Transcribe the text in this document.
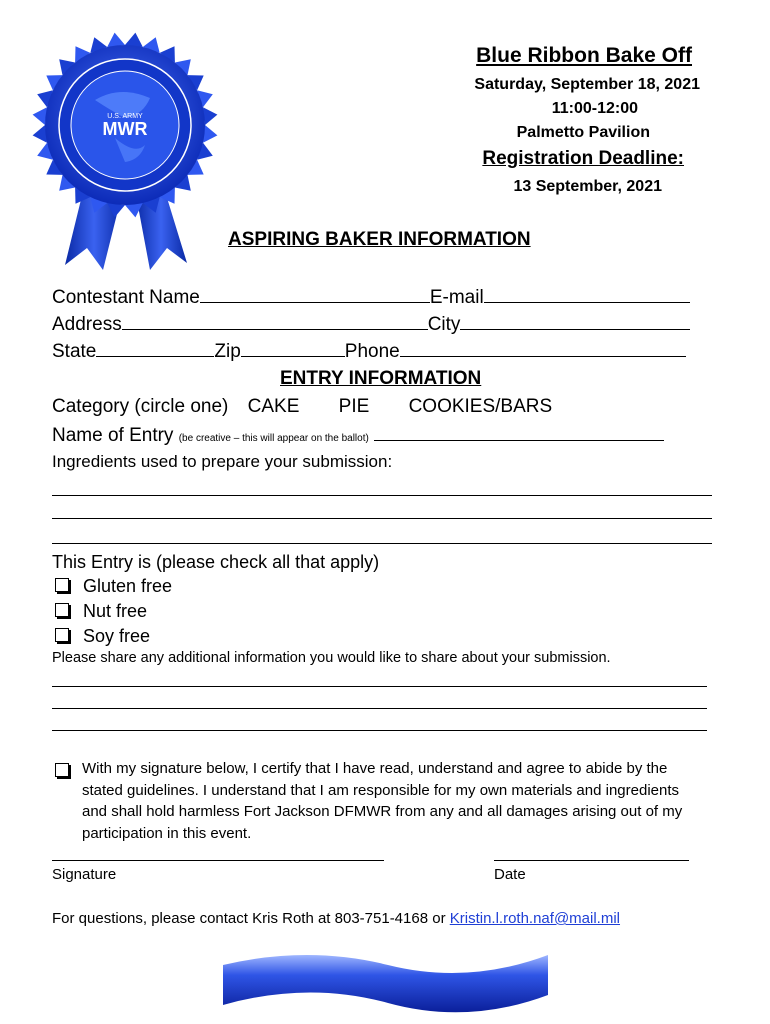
U.S. ARMY
MWR
Blue Ribbon Bake Off
Saturday, September 18, 2021
11:00-12:00
Palmetto Pavilion
Registration Deadline:
13 September, 2021
ASPIRING BAKER INFORMATION
Contestant Name	E-mail
Address	City
State	Zip	Phone
ENTRY INFORMATION
Category (circle one) CAKE PIE COOKIES/BARS
Name of Entry (be creative – this will appear on the ballot)
Ingredients used to prepare your submission:
This Entry is (please check all that apply)
Gluten free
Nut free
Soy free
Please share any additional information you would like to share about your submission.
With my signature below, I certify that I have read, understand and agree to abide by the stated guidelines. I understand that I am responsible for my own materials and ingredients and shall hold harmless Fort Jackson DFMWR from any and all damages arising out of my participation in this event.
Signature	Date
For questions, please contact Kris Roth at 803-751-4168 or Kristin.l.roth.naf@mail.mil
